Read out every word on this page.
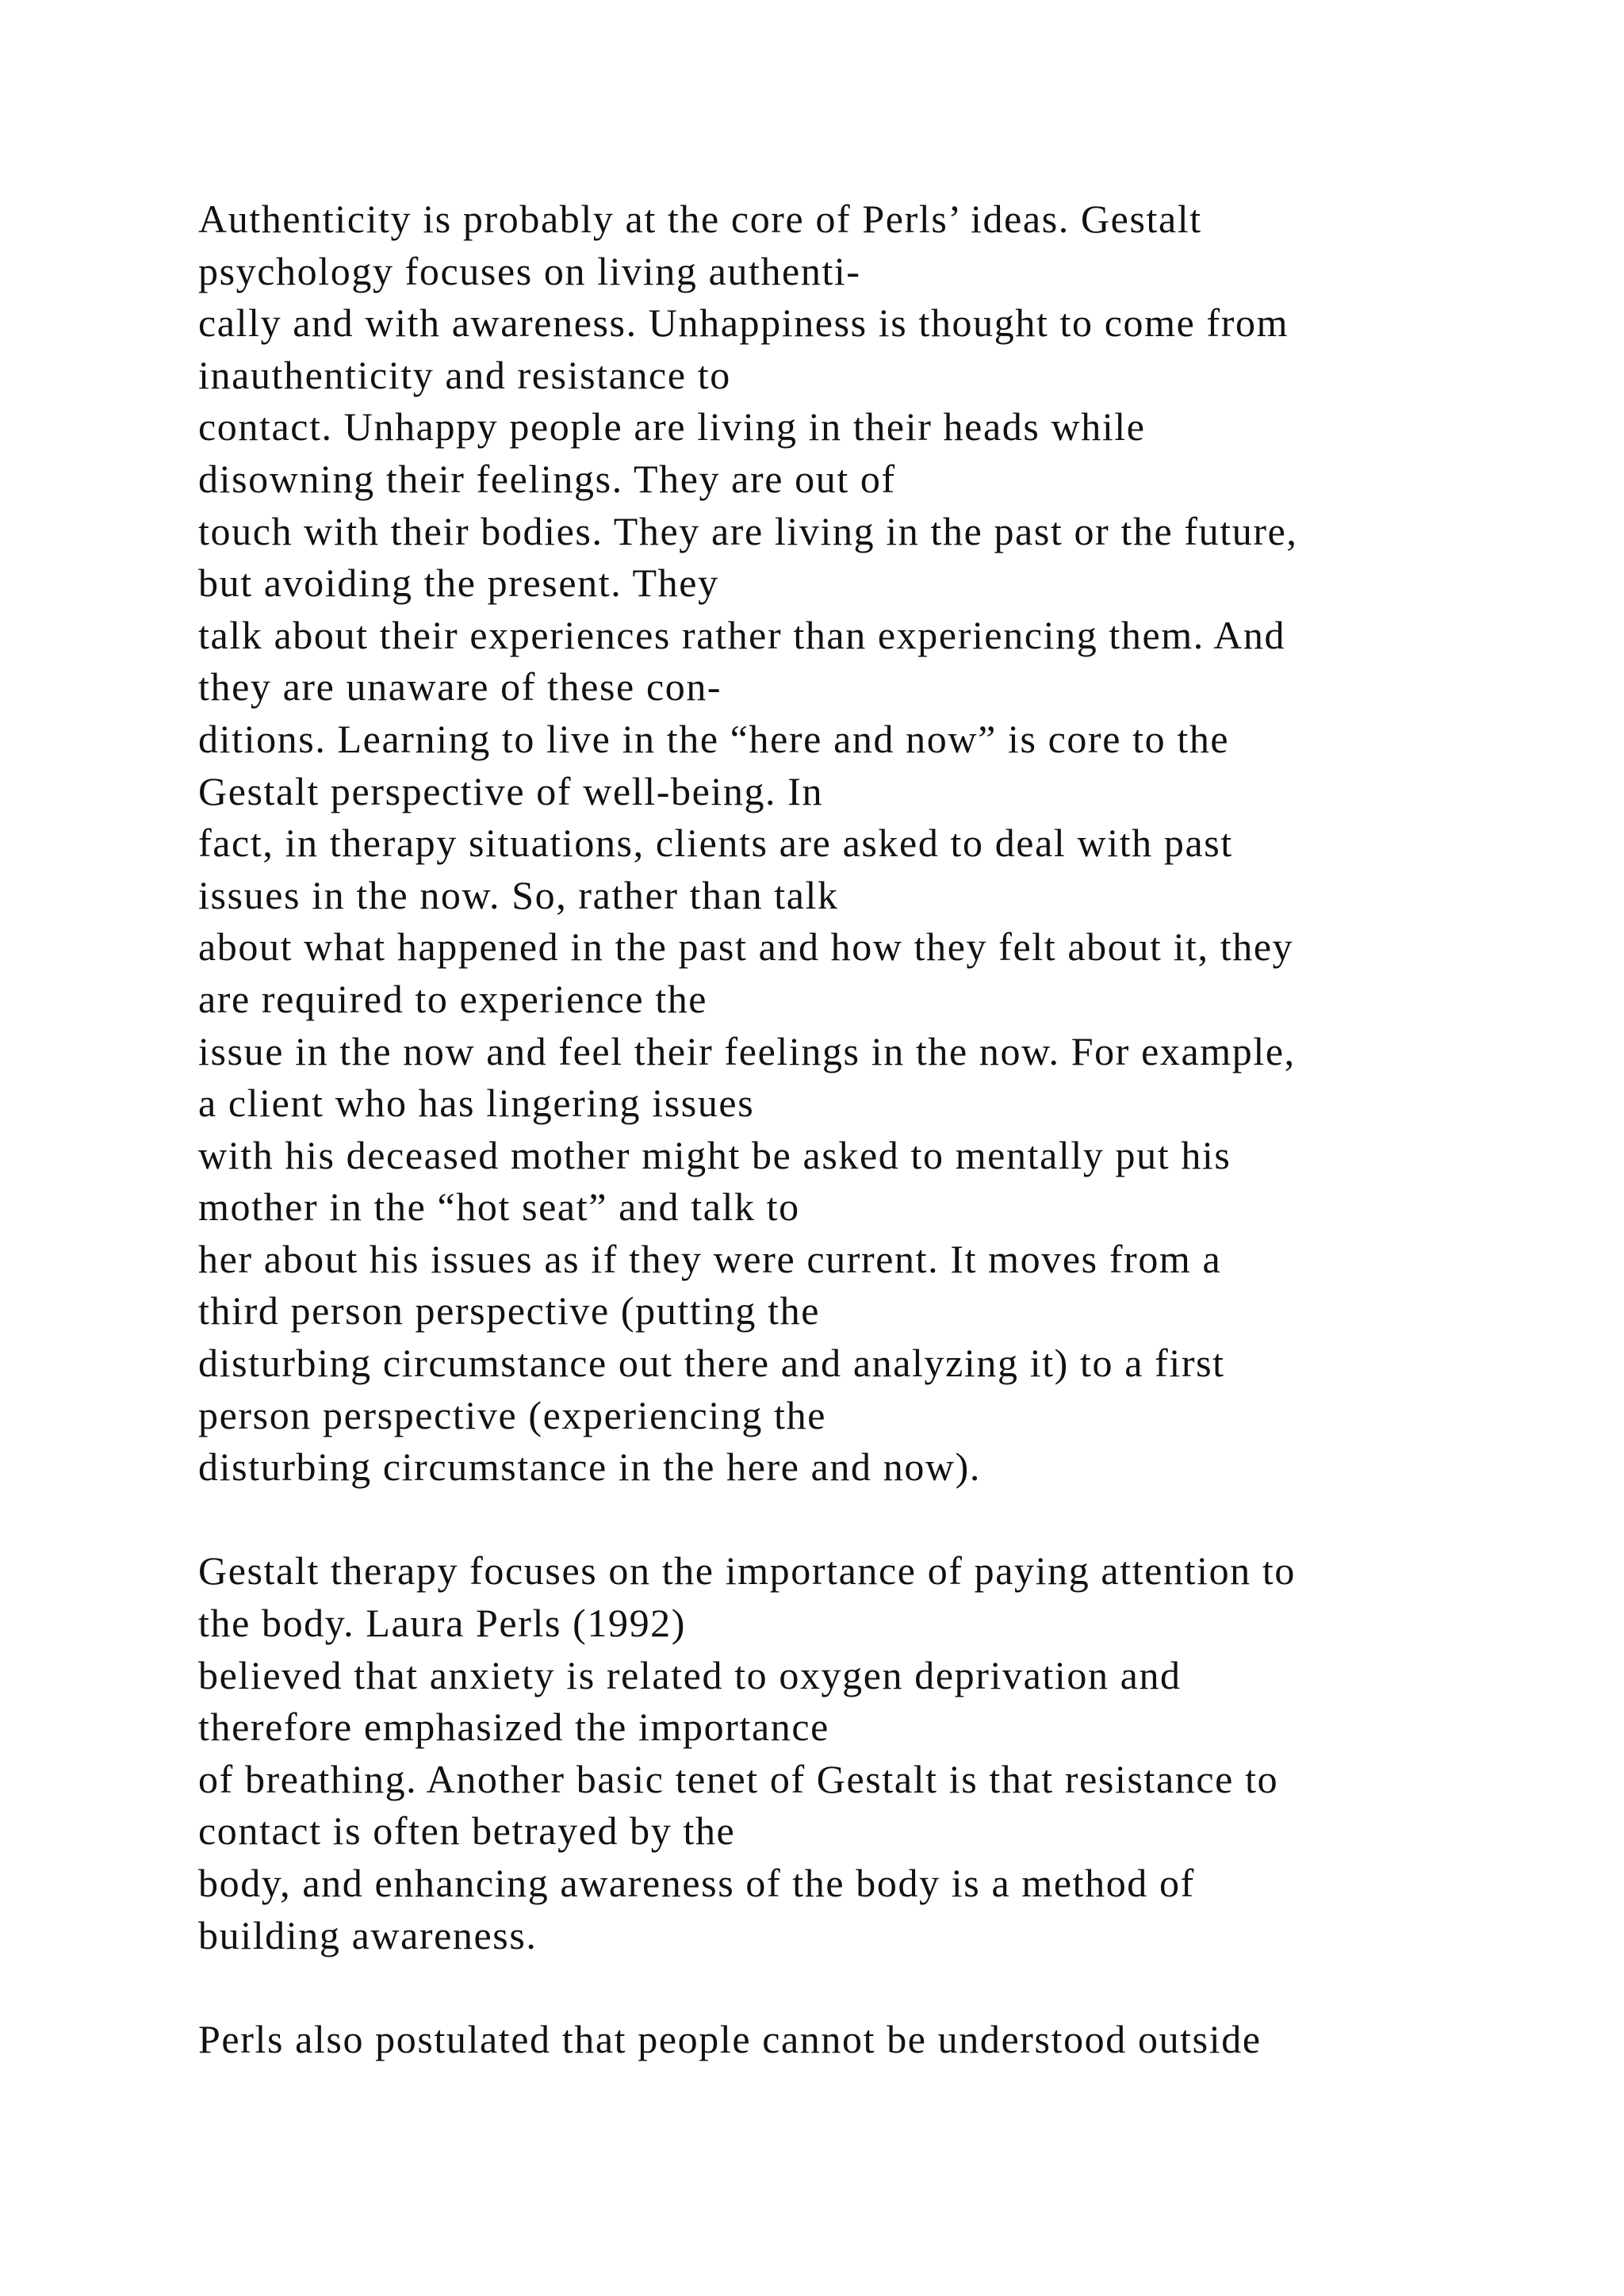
Authenticity is probably at the core of Perls’ ideas. Gestalt
psychology focuses on living authenti-
cally and with awareness. Unhappiness is thought to come from
inauthenticity and resistance to
contact. Unhappy people are living in their heads while
disowning their feelings. They are out of
touch with their bodies. They are living in the past or the future,
but avoiding the present. They
talk about their experiences rather than experiencing them. And
they are unaware of these con-
ditions. Learning to live in the “here and now” is core to the
Gestalt perspective of well-being. In
fact, in therapy situations, clients are asked to deal with past
issues in the now. So, rather than talk
about what happened in the past and how they felt about it, they
are required to experience the
issue in the now and feel their feelings in the now. For example,
a client who has lingering issues
with his deceased mother might be asked to mentally put his
mother in the “hot seat” and talk to
her about his issues as if they were current. It moves from a
third person perspective (putting the
disturbing circumstance out there and analyzing it) to a first
person perspective (experiencing the
disturbing circumstance in the here and now).
Gestalt therapy focuses on the importance of paying attention to
the body. Laura Perls (1992)
believed that anxiety is related to oxygen deprivation and
therefore emphasized the importance
of breathing. Another basic tenet of Gestalt is that resistance to
contact is often betrayed by the
body, and enhancing awareness of the body is a method of
building awareness.
Perls also postulated that people cannot be understood outside
